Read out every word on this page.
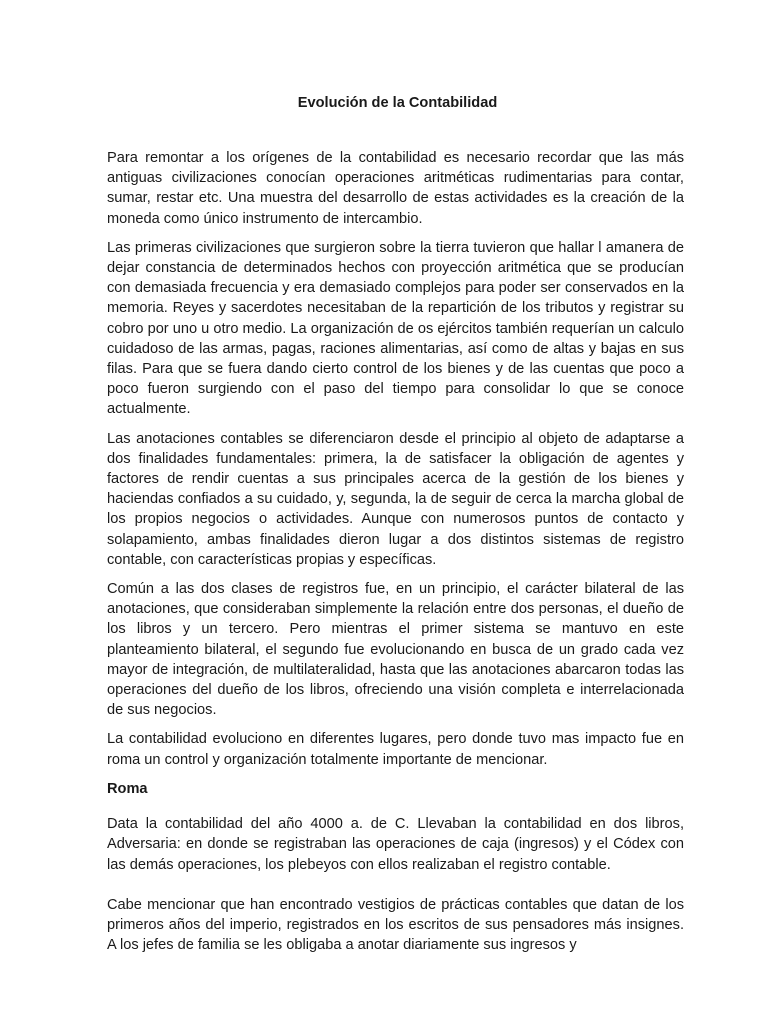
Evolución de la Contabilidad

Para remontar a los orígenes de la contabilidad es necesario recordar que las más antiguas civilizaciones conocían operaciones aritméticas rudimentarias para contar, sumar, restar etc. Una muestra del desarrollo de estas actividades es la creación de la moneda como único instrumento de intercambio.

Las primeras civilizaciones que surgieron sobre la tierra tuvieron que hallar l amanera de dejar constancia de determinados hechos con proyección aritmética que se producían con demasiada frecuencia y era demasiado complejos para poder ser conservados en la memoria. Reyes y sacerdotes necesitaban de la repartición de los tributos y registrar su cobro por uno u otro medio. La organización de os ejércitos también requerían un calculo cuidadoso de las armas, pagas, raciones alimentarias, así como de altas y bajas en sus filas. Para que se fuera dando cierto control de los bienes y de las cuentas que poco a poco fueron surgiendo con el paso del tiempo para consolidar lo que se conoce actualmente.

Las anotaciones contables se diferenciaron desde el principio al objeto de adaptarse a dos finalidades fundamentales: primera, la de satisfacer la obligación de agentes y factores de rendir cuentas a sus principales acerca de la gestión de los bienes y haciendas confiados a su cuidado, y, segunda, la de seguir de cerca la marcha global de los propios negocios o actividades. Aunque con numerosos puntos de contacto y solapamiento, ambas finalidades dieron lugar a dos distintos sistemas de registro contable, con características propias y específicas.

Común a las dos clases de registros fue, en un principio, el carácter bilateral de las anotaciones, que consideraban simplemente la relación entre dos personas, el dueño de los libros y un tercero. Pero mientras el primer sistema se mantuvo en este planteamiento bilateral, el segundo fue evolucionando en busca de un grado cada vez mayor de integración, de multilateralidad, hasta que las anotaciones abarcaron todas las operaciones del dueño de los libros, ofreciendo una visión completa e interrelacionada de sus negocios.

La contabilidad evoluciono en diferentes lugares, pero donde tuvo mas impacto fue en roma un control y organización totalmente importante de mencionar.

Roma

Data la contabilidad del año 4000 a. de C. Llevaban la contabilidad en dos libros, Adversaria: en donde se registraban las operaciones de caja (ingresos) y el Códex con las demás operaciones, los plebeyos con ellos realizaban el registro contable.

Cabe mencionar que han encontrado vestigios de prácticas contables que datan de los primeros años del imperio, registrados en los escritos de sus pensadores más insignes. A los jefes de familia se les obligaba a anotar diariamente sus ingresos y
